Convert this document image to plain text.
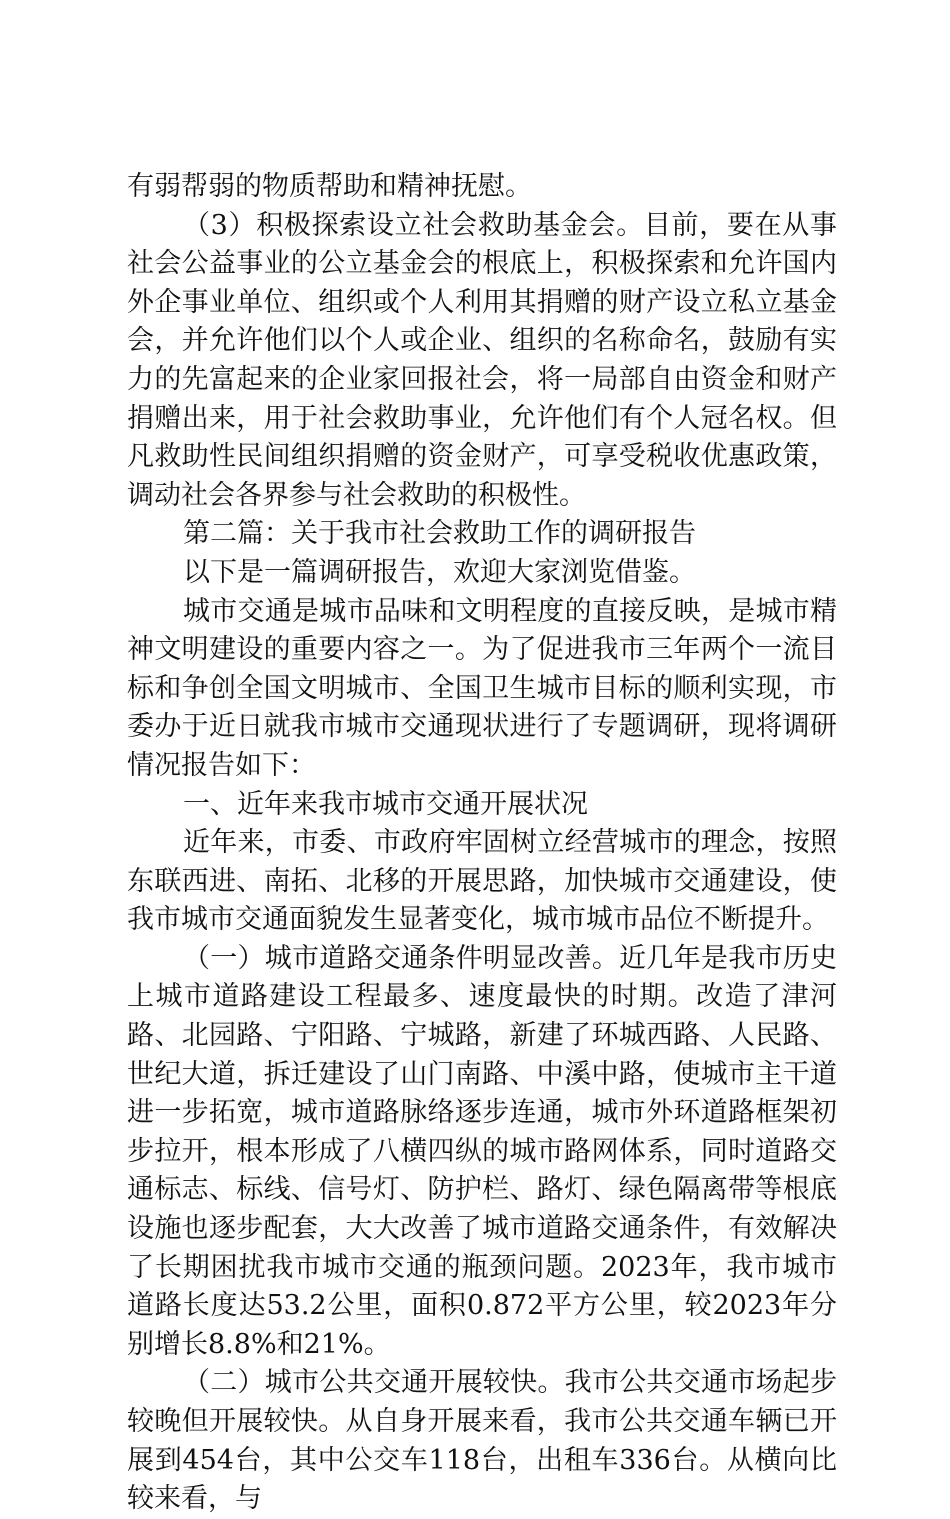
有弱帮弱的物质帮助和精神抚慰。

（3）积极探索设立社会救助基金会。目前，要在从事社会公益事业的公立基金会的根底上，积极探索和允许国内外企事业单位、组织或个人利用其捐赠的财产设立私立基金会，并允许他们以个人或企业、组织的名称命名，鼓励有实力的先富起来的企业家回报社会，将一局部自由资金和财产捐赠出来，用于社会救助事业，允许他们有个人冠名权。但凡救助性民间组织捐赠的资金财产，可享受税收优惠政策，调动社会各界参与社会救助的积极性。

第二篇：关于我市社会救助工作的调研报告

以下是一篇调研报告，欢迎大家浏览借鉴。

城市交通是城市品味和文明程度的直接反映，是城市精神文明建设的重要内容之一。为了促进我市三年两个一流目标和争创全国文明城市、全国卫生城市目标的顺利实现，市委办于近日就我市城市交通现状进行了专题调研，现将调研情况报告如下：

一、近年来我市城市交通开展状况

近年来，市委、市政府牢固树立经营城市的理念，按照东联西进、南拓、北移的开展思路，加快城市交通建设，使我市城市交通面貌发生显著变化，城市城市品位不断提升。

（一）城市道路交通条件明显改善。近几年是我市历史上城市道路建设工程最多、速度最快的时期。改造了津河路、北园路、宁阳路、宁城路，新建了环城西路、人民路、世纪大道，拆迁建设了山门南路、中溪中路，使城市主干道进一步拓宽，城市道路脉络逐步连通，城市外环道路框架初步拉开，根本形成了八横四纵的城市路网体系，同时道路交通标志、标线、信号灯、防护栏、路灯、绿色隔离带等根底设施也逐步配套，大大改善了城市道路交通条件，有效解决了长期困扰我市城市交通的瓶颈问题。2023年，我市城市道路长度达53.2公里，面积0.872平方公里，较2023年分别增长8.8%和21%。

（二）城市公共交通开展较快。我市公共交通市场起步较晚但开展较快。从自身开展来看，我市公共交通车辆已开展到454台，其中公交车118台，出租车336台。从横向比较来看，与
